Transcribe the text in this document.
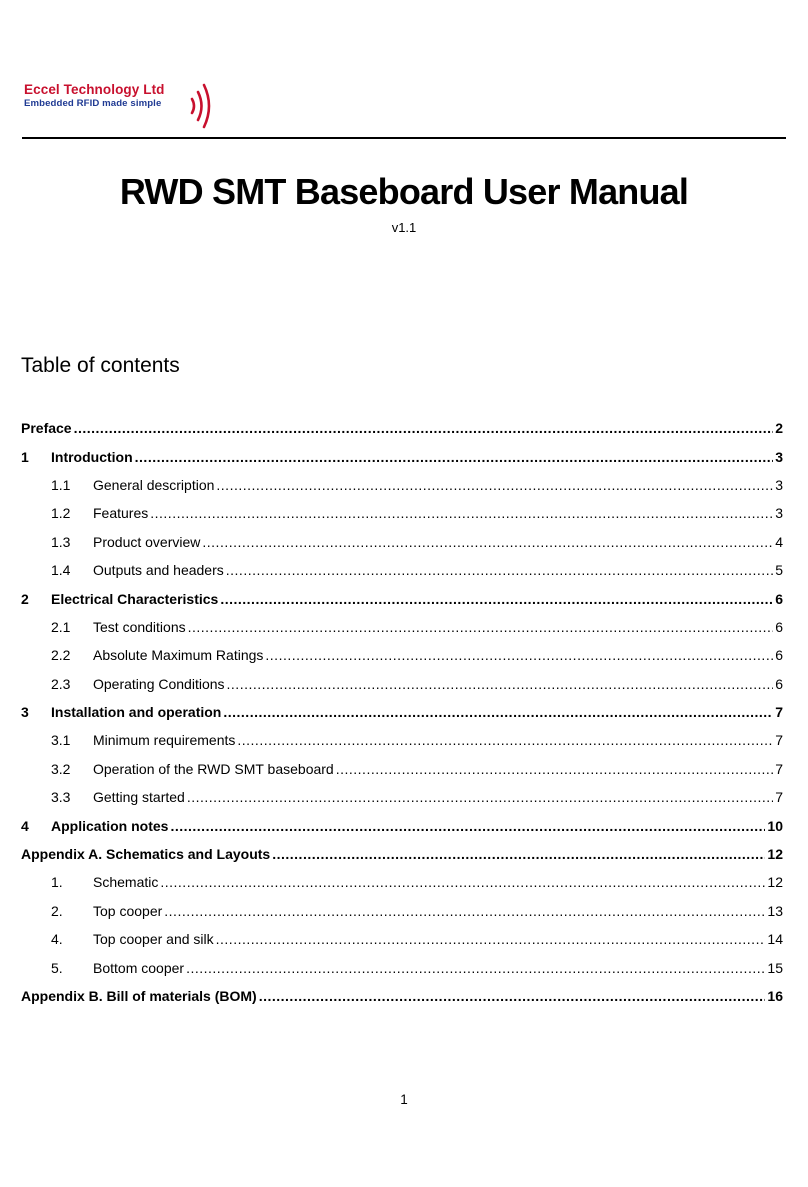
Eccel Technology Ltd
Embedded RFID made simple
RWD SMT Baseboard User Manual
v1.1
Table of contents
Preface .....	2
1	Introduction .....	3
1.1	General description .....	3
1.2	Features .....	3
1.3	Product overview .....	4
1.4	Outputs and headers .....	5
2	Electrical Characteristics .....	6
2.1	Test conditions .....	6
2.2	Absolute Maximum Ratings .....	6
2.3	Operating Conditions .....	6
3	Installation and operation .....	7
3.1	Minimum requirements .....	7
3.2	Operation of the RWD SMT baseboard .....	7
3.3	Getting started .....	7
4	Application notes .....	10
Appendix A. Schematics and Layouts .....	12
1.	Schematic .....	12
2.	Top cooper .....	13
4.	Top cooper and silk .....	14
5.	Bottom cooper .....	15
Appendix B. Bill of materials (BOM) .....	16
1
